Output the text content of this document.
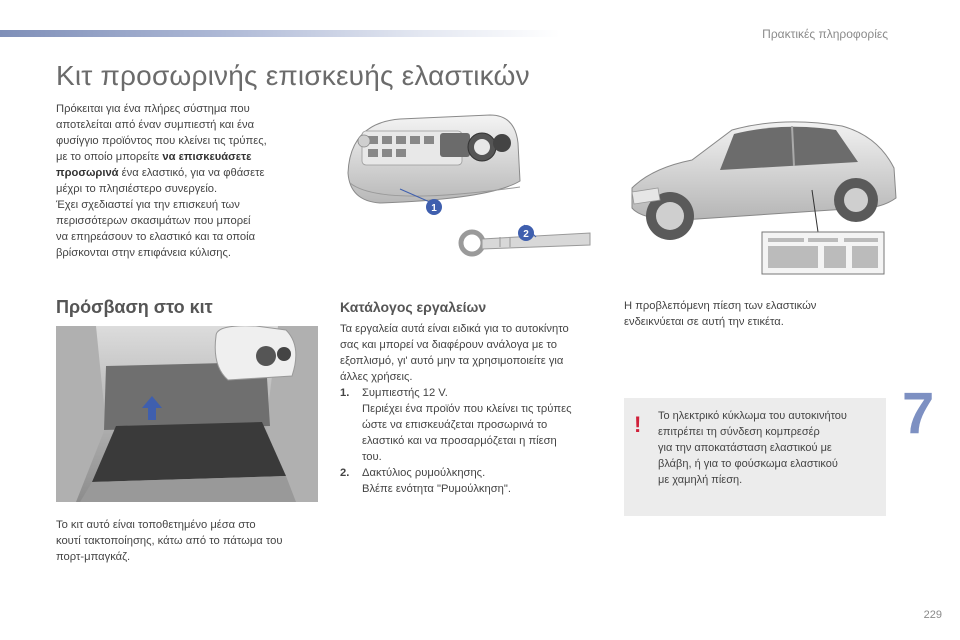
Πρακτικές πληροφορίες
Κιτ προσωρινής επισκευής ελαστικών
Πρόκειται για ένα πλήρες σύστημα που
αποτελείται από έναν συμπιεστή και ένα
φυσίγγιο προϊόντος που κλείνει τις τρύπες,
με το οποίο μπορείτε να επισκευάσετε
προσωρινά ένα ελαστικό, για να φθάσετε
μέχρι το πλησιέστερο συνεργείο.
Έχει σχεδιαστεί για την επισκευή των
περισσότερων σκασιμάτων που μπορεί
να επηρεάσουν το ελαστικό και τα οποία
βρίσκονται στην επιφάνεια κύλισης.
1
2
Πρόσβαση στο κιτ
Το κιτ αυτό είναι τοποθετημένο μέσα στο
κουτί τακτοποίησης, κάτω από το πάτωμα του
πορτ-μπαγκάζ.
Κατάλογος εργαλείων
Τα εργαλεία αυτά είναι ειδικά για το αυτοκίνητο
σας και μπορεί να διαφέρουν ανάλογα με το
εξοπλισμό, γι' αυτό μην τα χρησιμοποιείτε για
άλλες χρήσεις.
1.	Συμπιεστής 12 V.
Περιέχει ένα προϊόν που κλείνει τις τρύπες
ώστε να επισκευάζεται προσωρινά το
ελαστικό και να προσαρμόζεται η πίεση
του.
2.	Δακτύλιος ρυμούλκησης.
Βλέπε ενότητα "Ρυμούλκηση".
Η προβλεπόμενη πίεση των ελαστικών
ενδεικνύεται σε αυτή την ετικέτα.
! Το ηλεκτρικό κύκλωμα του αυτοκινήτου
επιτρέπει τη σύνδεση κομπρεσέρ
για την αποκατάσταση ελαστικού με
βλάβη, ή για το φούσκωμα ελαστικού
με χαμηλή πίεση.
7
229
